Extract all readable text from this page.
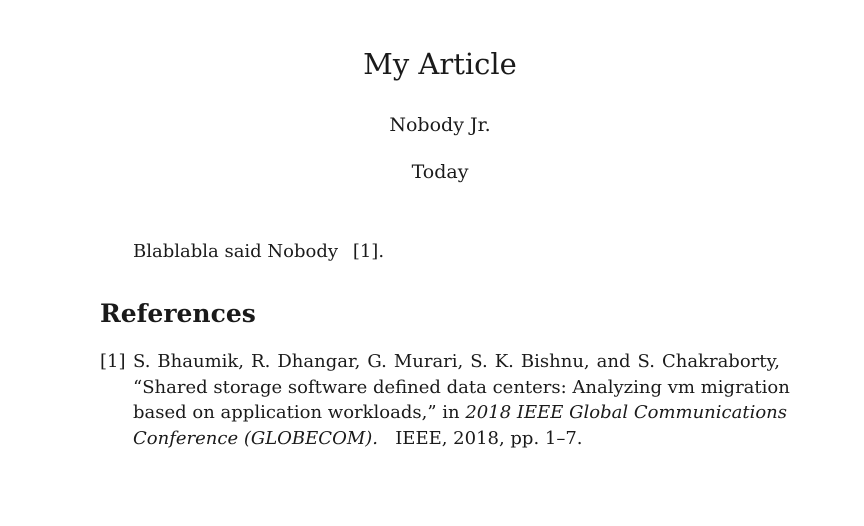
My Article
Nobody Jr.
Today

Blablabla said Nobody [1].

References
[1] S. Bhaumik, R. Dhangar, G. Murari, S. K. Bishnu, and S. Chakraborty,
“Shared storage software defined data centers: Analyzing vm migration
based on application workloads,” in 2018 IEEE Global Communications
Conference (GLOBECOM). IEEE, 2018, pp. 1–7.
